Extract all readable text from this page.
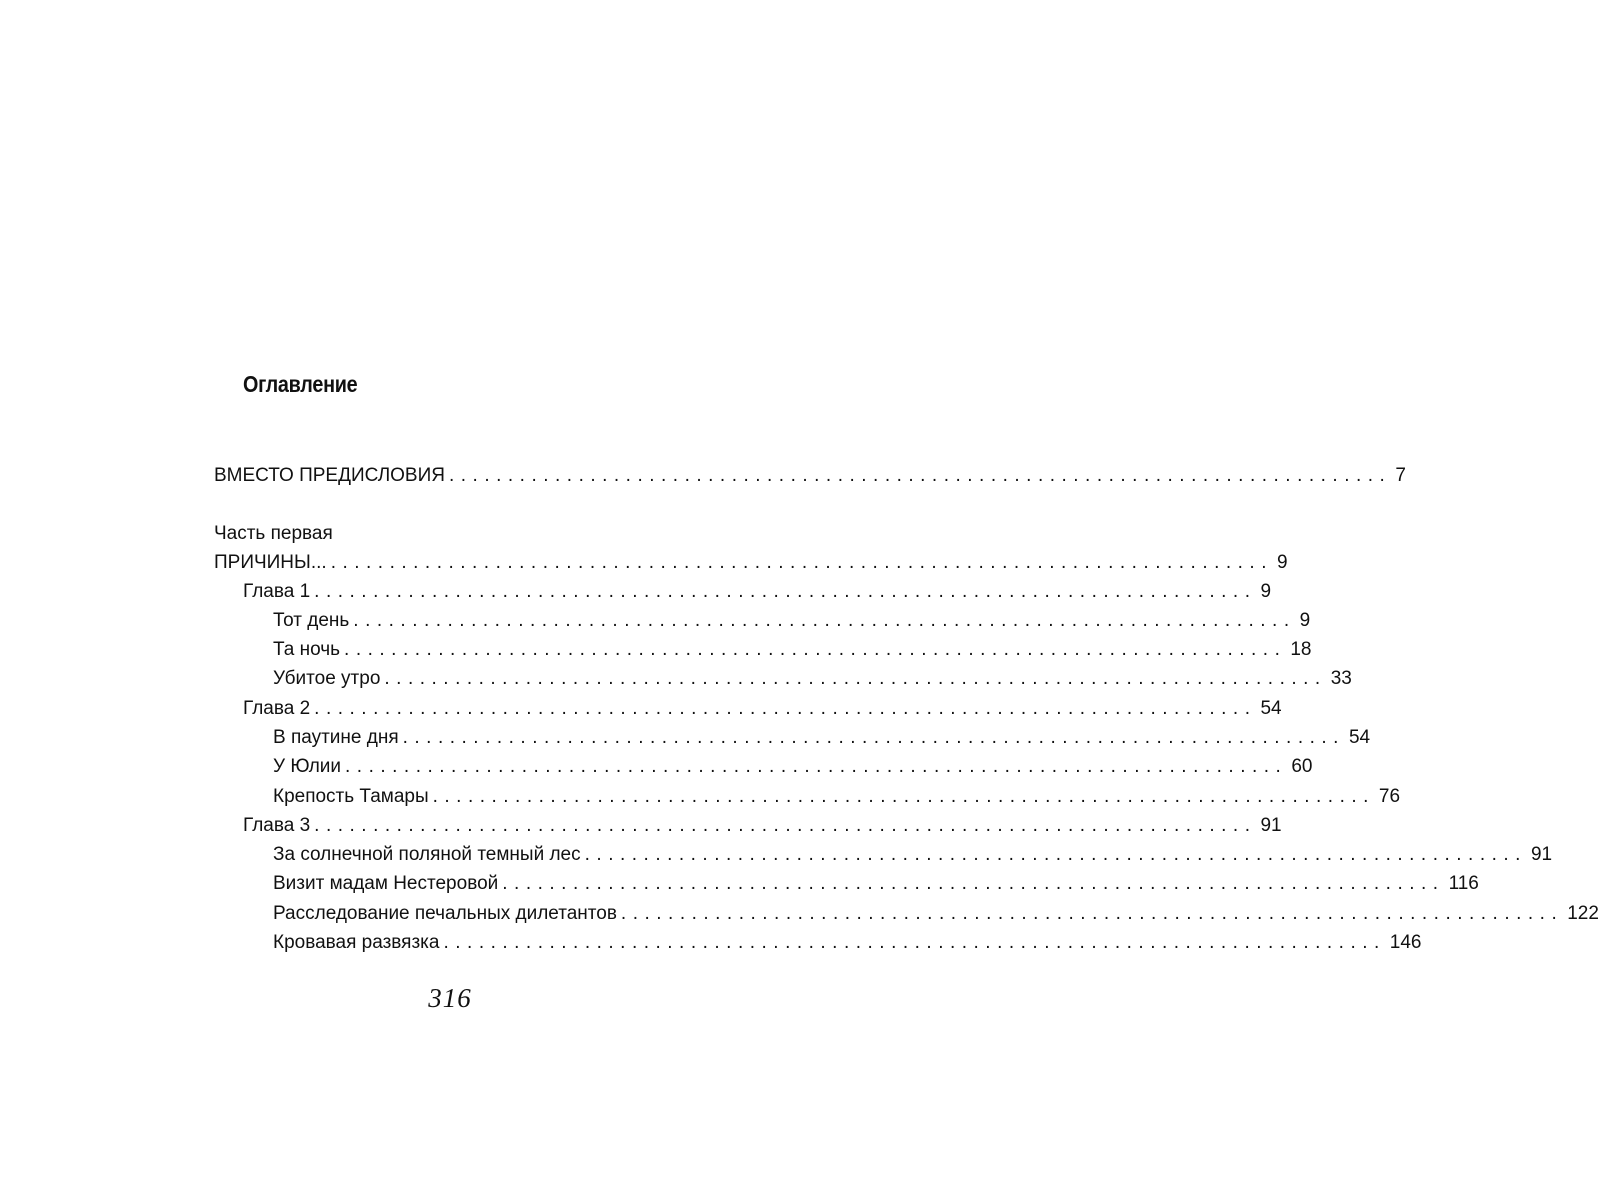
Оглавление
ВМЕСТО ПРЕДИСЛОВИЯ ................................................................................ 7
Часть первая
ПРИЧИНЫ... ................................................................................ 9
Глава 1 ................................................................................ 9
Тот день ................................................................................ 9
Та ночь ................................................................................ 18
Убитое утро ................................................................................ 33
Глава 2 ................................................................................ 54
В паутине дня ................................................................................ 54
У Юлии ................................................................................ 60
Крепость Тамары ................................................................................ 76
Глава 3 ................................................................................ 91
За солнечной поляной темный лес ................................................................................ 91
Визит мадам Нестеровой ................................................................................ 116
Расследование печальных дилетантов ................................................................................ 122
Кровавая развязка ................................................................................ 146
316
